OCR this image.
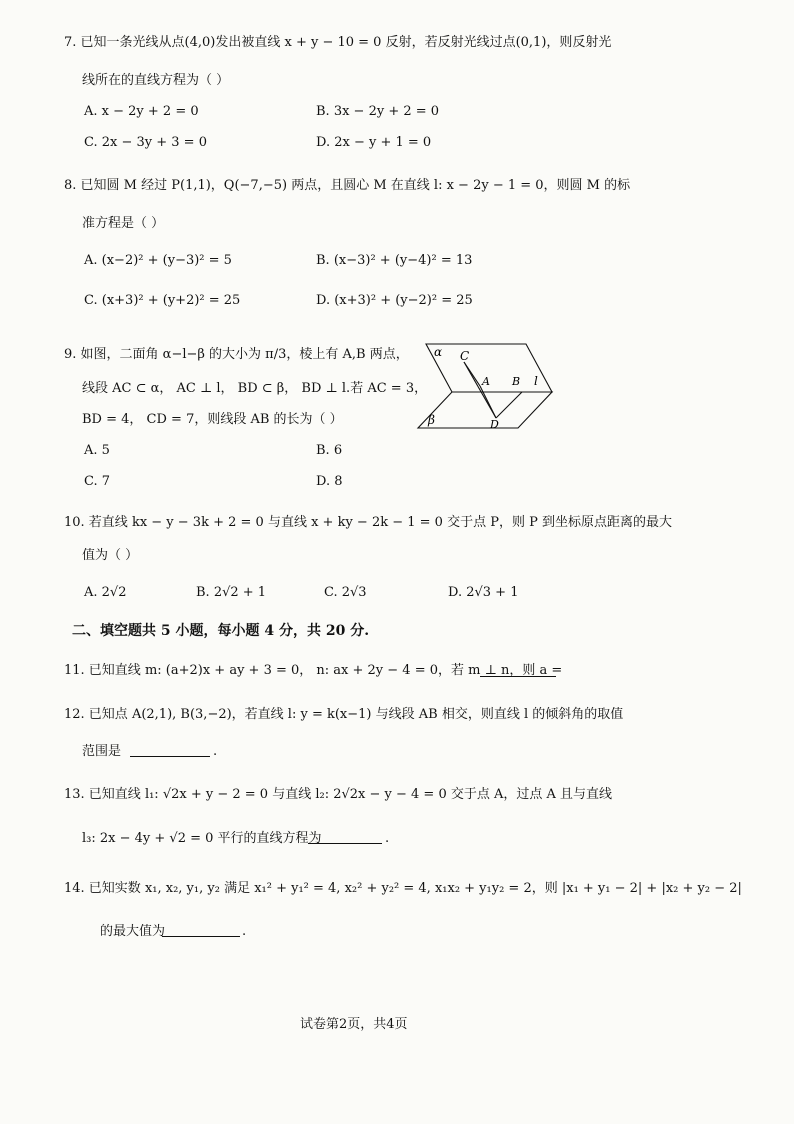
7. 已知一条光线从点(4,0)发出被直线 x + y − 10 = 0 反射，若反射光线过点(0,1)，则反射光
线所在的直线方程为（ ）
A. x − 2y + 2 = 0	B. 3x − 2y + 2 = 0
C. 2x − 3y + 3 = 0	D. 2x − y + 1 = 0
8. 已知圆 M 经过 P(1,1)，Q(−7,−5) 两点，且圆心 M 在直线 l: x − 2y − 1 = 0，则圆 M 的标
准方程是（ ）
A. (x−2)² + (y−3)² = 5	B. (x−3)² + (y−4)² = 13
C. (x+3)² + (y+2)² = 25	D. (x+3)² + (y−2)² = 25
9. 如图，二面角 α−l−β 的大小为 π/3，棱上有 A,B 两点，
线段 AC ⊂ α， AC ⊥ l， BD ⊂ β， BD ⊥ l.若 AC = 3，
BD = 4， CD = 7，则线段 AB 的长为（ ）
A. 5	B. 6
C. 7	D. 8
α C
A B l
β	D
10. 若直线 kx − y − 3k + 2 = 0 与直线 x + ky − 2k − 1 = 0 交于点 P，则 P 到坐标原点距离的最大
值为（ ）
A. 2√2	B. 2√2 + 1	C. 2√3	D. 2√3 + 1
二、填空题共 5 小题，每小题 4 分，共 20 分.
11. 已知直线 m: (a+2)x + ay + 3 = 0， n: ax + 2y − 4 = 0，若 m ⊥ n，则 a =
12. 已知点 A(2,1), B(3,−2)，若直线 l: y = k(x−1) 与线段 AB 相交，则直线 l 的倾斜角的取值
范围是	.
13. 已知直线 l₁: √2x + y − 2 = 0 与直线 l₂: 2√2x − y − 4 = 0 交于点 A，过点 A 且与直线
l₃: 2x − 4y + √2 = 0 平行的直线方程为	.
14. 已知实数 x₁, x₂, y₁, y₂ 满足 x₁² + y₁² = 4, x₂² + y₂² = 4, x₁x₂ + y₁y₂ = 2，则 |x₁ + y₁ − 2| + |x₂ + y₂ − 2|
的最大值为	.
试卷第2页，共4页
